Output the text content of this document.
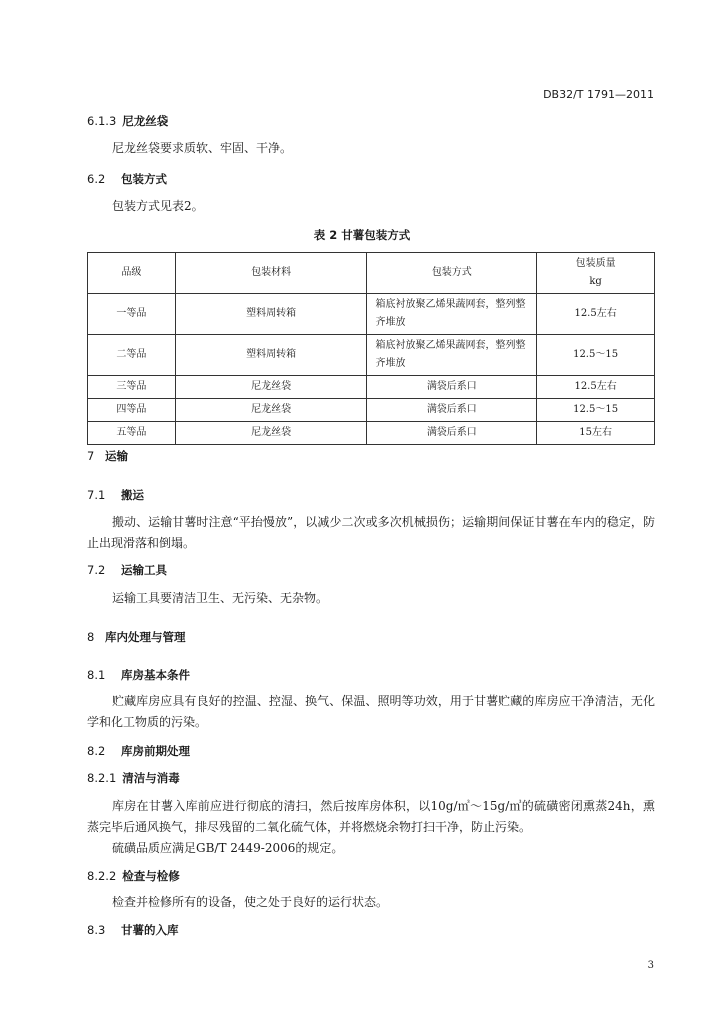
DB32/T 1791—2011
6.1.3 尼龙丝袋
尼龙丝袋要求质软、牢固、干净。
6.2 包装方式
包装方式见表2。
表 2 甘薯包装方式
品级	包装材料	包装方式	包装质量
kg
一等品	塑料周转箱	箱底衬放聚乙烯果蔬网套，整列整齐堆放	12.5左右
二等品	塑料周转箱	箱底衬放聚乙烯果蔬网套，整列整齐堆放	12.5～15
三等品	尼龙丝袋	满袋后系口	12.5左右
四等品	尼龙丝袋	满袋后系口	12.5～15
五等品	尼龙丝袋	满袋后系口	15左右
7 运输
7.1 搬运
搬动、运输甘薯时注意“平抬慢放”，以减少二次或多次机械损伤；运输期间保证甘薯在车内的稳定，防止出现滑落和倒塌。
7.2 运输工具
运输工具要清洁卫生、无污染、无杂物。
8 库内处理与管理
8.1 库房基本条件
贮藏库房应具有良好的控温、控湿、换气、保温、照明等功效，用于甘薯贮藏的库房应干净清洁，无化学和化工物质的污染。
8.2 库房前期处理
8.2.1 清洁与消毒
库房在甘薯入库前应进行彻底的清扫，然后按库房体积，以10g/㎥～15g/㎥的硫磺密闭熏蒸24h，熏蒸完毕后通风换气，排尽残留的二氧化硫气体，并将燃烧余物打扫干净，防止污染。
硫磺品质应满足GB/T 2449-2006的规定。
8.2.2 检查与检修
检查并检修所有的设备，使之处于良好的运行状态。
8.3 甘薯的入库
3
